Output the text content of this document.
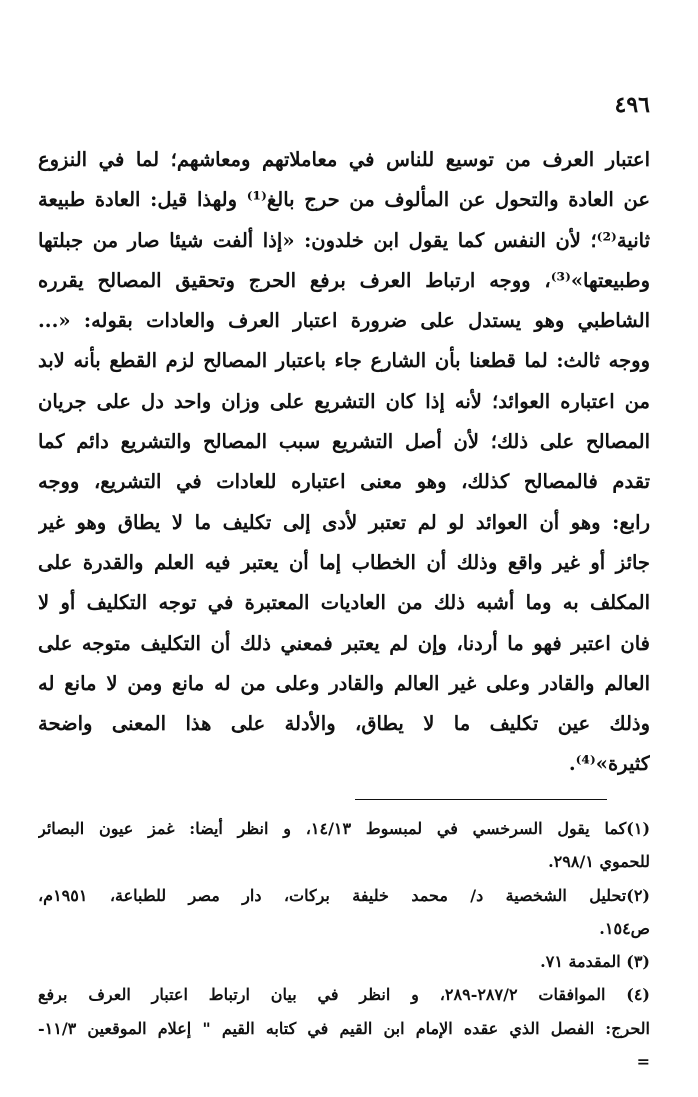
٤٩٦
اعتبار العرف من توسيع للناس في معاملاتهم ومعاشهم؛ لما في النزوع
عن العادة والتحول عن المألوف من حرج بالغ⁽¹⁾ ولهذا قيل: العادة طبيعة
ثانية⁽²⁾؛ لأن النفس كما يقول ابن خلدون: «إذا ألفت شيئا صار من جبلتها
وطبيعتها»⁽³⁾، ووجه ارتباط العرف برفع الحرج وتحقيق المصالح يقرره
الشاطبي وهو يستدل على ضرورة اعتبار العرف والعادات بقوله: «...
ووجه ثالث: لما قطعنا بأن الشارع جاء باعتبار المصالح لزم القطع بأنه لابد
من اعتباره العوائد؛ لأنه إذا كان التشريع على وزان واحد دل على جريان
المصالح على ذلك؛ لأن أصل التشريع سبب المصالح والتشريع دائم كما
تقدم فالمصالح كذلك، وهو معنى اعتباره للعادات في التشريع، ووجه
رابع: وهو أن العوائد لو لم تعتبر لأدى إلى تكليف ما لا يطاق وهو غير
جائز أو غير واقع وذلك أن الخطاب إما أن يعتبر فيه العلم والقدرة على
المكلف به وما أشبه ذلك من العاديات المعتبرة في توجه التكليف أو لا
فان اعتبر فهو ما أردنا، وإن لم يعتبر فمعني ذلك أن التكليف متوجه على
العالم والقادر وعلى غير العالم والقادر وعلى من له مانع ومن لا مانع له
وذلك عين تكليف ما لا يطاق، والأدلة على هذا المعنى واضحة
كثيرة»⁽⁴⁾.
(١)كما يقول السرخسي في لمبسوط ١٤/١٣، و انظر أيضا: غمز عيون البصائر
للحموي ٢٩٨/١.
(٢)تحليل الشخصية د/ محمد خليفة بركات، دار مصر للطباعة، ١٩٥١م،
ص١٥٤.
(٣) المقدمة ٧١.
(٤) الموافقات ٢٨٧/٢-٢٨٩، و انظر في بيان ارتباط اعتبار العرف برفع
الحرج: الفصل الذي عقده الإمام ابن القيم في كتابه القيم " إعلام الموقعين ١١/٣-
=
